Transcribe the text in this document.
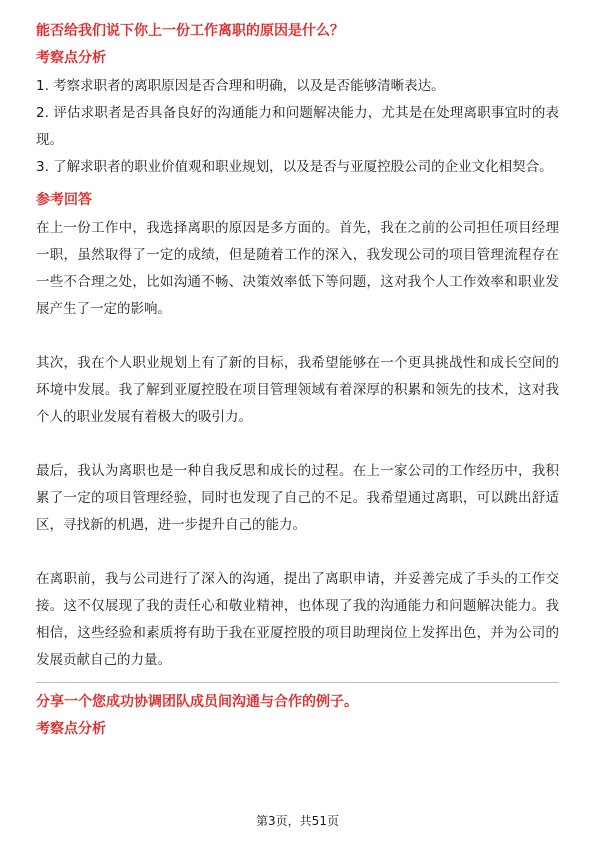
能否给我们说下你上一份工作离职的原因是什么？
考察点分析

1. 考察求职者的离职原因是否合理和明确，以及是否能够清晰表达。

2. 评估求职者是否具备良好的沟通能力和问题解决能力，尤其是在处理离职事宜时的表现。

3. 了解求职者的职业价值观和职业规划，以及是否与亚厦控股公司的企业文化相契合。

参考回答

在上一份工作中，我选择离职的原因是多方面的。首先，我在之前的公司担任项目经理一职，虽然取得了一定的成绩，但是随着工作的深入，我发现公司的项目管理流程存在一些不合理之处，比如沟通不畅、决策效率低下等问题，这对我个人工作效率和职业发展产生了一定的影响。

其次，我在个人职业规划上有了新的目标，我希望能够在一个更具挑战性和成长空间的环境中发展。我了解到亚厦控股在项目管理领域有着深厚的积累和领先的技术，这对我个人的职业发展有着极大的吸引力。

最后，我认为离职也是一种自我反思和成长的过程。在上一家公司的工作经历中，我积累了一定的项目管理经验，同时也发现了自己的不足。我希望通过离职，可以跳出舒适区，寻找新的机遇，进一步提升自己的能力。

在离职前，我与公司进行了深入的沟通，提出了离职申请，并妥善完成了手头的工作交接。这不仅展现了我的责任心和敬业精神，也体现了我的沟通能力和问题解决能力。我相信，这些经验和素质将有助于我在亚厦控股的项目助理岗位上发挥出色，并为公司的发展贡献自己的力量。

分享一个您成功协调团队成员间沟通与合作的例子。
考察点分析
第3页，共51页
